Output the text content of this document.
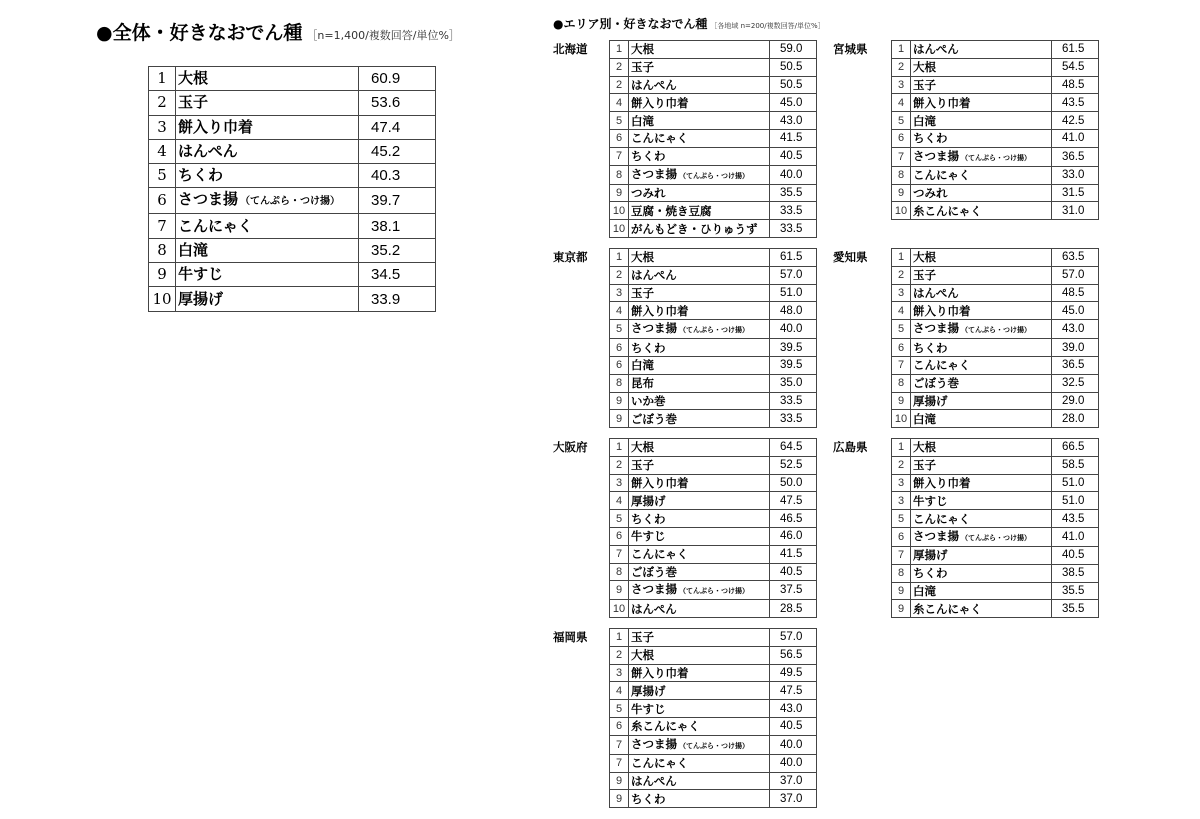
●全体・好きなおでん種 ［n=1,400/複数回答/単位%］
1	大根	60.9
2	玉子	53.6
3	餅入り巾着	47.4
4	はんぺん	45.2
5	ちくわ	40.3
6	さつま揚 （てんぷら・つけ揚）	39.7
7	こんにゃく	38.1
8	白滝	35.2
9	牛すじ	34.5
10	厚揚げ	33.9
●エリア別・好きなおでん種 ［各地域 n=200/複数回答/単位%］
北海道	1	大根	59.0
2	玉子	50.5
2	はんぺん	50.5
4	餅入り巾着	45.0
5	白滝	43.0
6	こんにゃく	41.5
7	ちくわ	40.5
8	さつま揚 （てんぷら・つけ揚）	40.0
9	つみれ	35.5
10	豆腐・焼き豆腐	33.5
10	がんもどき・ひりゅうず	33.5
宮城県	1	はんぺん	61.5
2	大根	54.5
3	玉子	48.5
4	餅入り巾着	43.5
5	白滝	42.5
6	ちくわ	41.0
7	さつま揚 （てんぷら・つけ揚）	36.5
8	こんにゃく	33.0
9	つみれ	31.5
10	糸こんにゃく	31.0
東京都	1	大根	61.5
2	はんぺん	57.0
3	玉子	51.0
4	餅入り巾着	48.0
5	さつま揚 （てんぷら・つけ揚）	40.0
6	ちくわ	39.5
6	白滝	39.5
8	昆布	35.0
9	いか巻	33.5
9	ごぼう巻	33.5
愛知県	1	大根	63.5
2	玉子	57.0
3	はんぺん	48.5
4	餅入り巾着	45.0
5	さつま揚 （てんぷら・つけ揚）	43.0
6	ちくわ	39.0
7	こんにゃく	36.5
8	ごぼう巻	32.5
9	厚揚げ	29.0
10	白滝	28.0
大阪府	1	大根	64.5
2	玉子	52.5
3	餅入り巾着	50.0
4	厚揚げ	47.5
5	ちくわ	46.5
6	牛すじ	46.0
7	こんにゃく	41.5
8	ごぼう巻	40.5
9	さつま揚 （てんぷら・つけ揚）	37.5
10	はんぺん	28.5
広島県	1	大根	66.5
2	玉子	58.5
3	餅入り巾着	51.0
3	牛すじ	51.0
5	こんにゃく	43.5
6	さつま揚 （てんぷら・つけ揚）	41.0
7	厚揚げ	40.5
8	ちくわ	38.5
9	白滝	35.5
9	糸こんにゃく	35.5
福岡県	1	玉子	57.0
2	大根	56.5
3	餅入り巾着	49.5
4	厚揚げ	47.5
5	牛すじ	43.0
6	糸こんにゃく	40.5
7	さつま揚 （てんぷら・つけ揚）	40.0
7	こんにゃく	40.0
9	はんぺん	37.0
9	ちくわ	37.0
